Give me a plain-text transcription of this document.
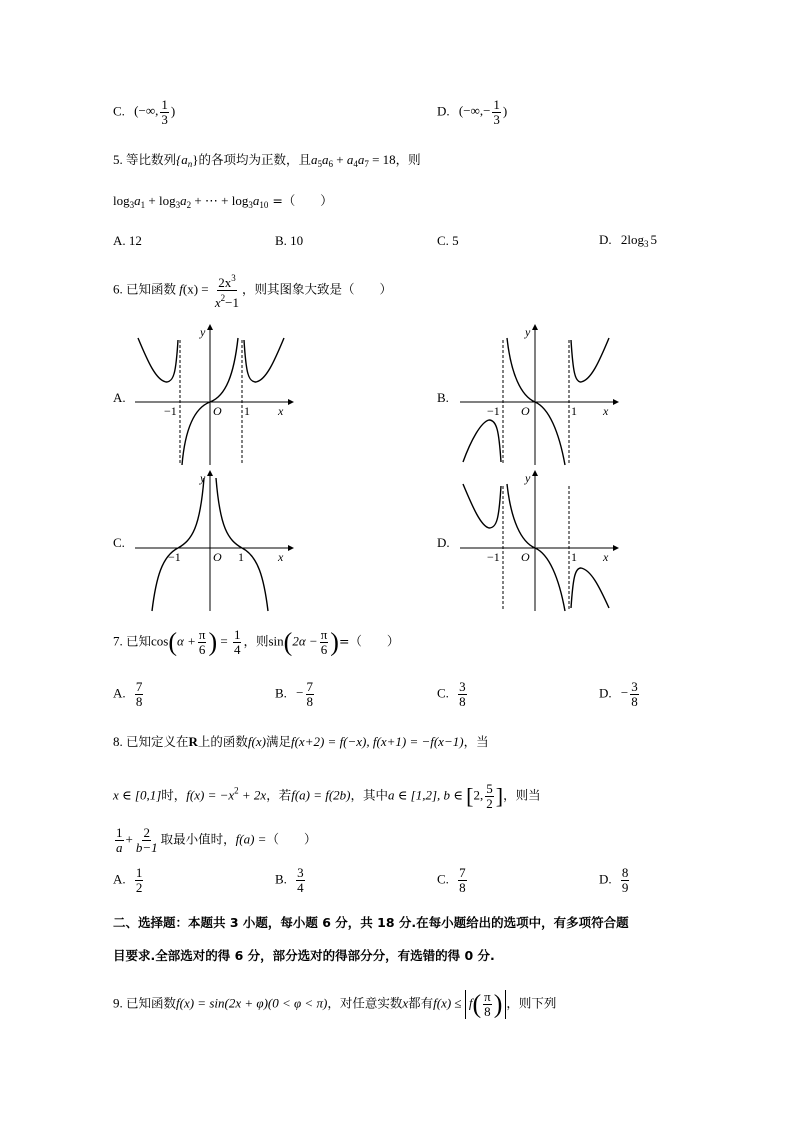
C. (−∞, $\frac{1}{3}$ )	D. (−∞,− $\frac{1}{3}$ )
5. 等比数列$\{a_n\}$的各项均为正数，且$a_5a_6 + a_4a_7 = 18$，则
$\log_3a_1 + \log_3a_2$ + ⋯ + $\log_3a_{10}$ =（　　）
A. 12	B. 10	C. 5	D. $2\log_3$ 5
6. 已知函数 $f(x) = \frac{2x^3}{x^2-1}$ ，则其图象大致是（　　）
A.	B.
C.	D.
y
x
O
−1	1
y
x
O
−1	1
y
x
O
−1	1
y
x
O
−1	1
7. 已知$\cos(\alpha + \frac{\pi}{6}$ ) = $\frac{1}{4}$ ，则$\sin(2\alpha - \frac{\pi}{6}$ )=（　　）
A. $\frac{7}{8}$	B. − $\frac{7}{8}$	C. $\frac{3}{8}$	D. − $\frac{3}{8}$
8. 已知定义在R上的函数f(x)满足f(x+2) = f(−x), f(x+1) = −f(x−1)，当
x ∈ [0,1]时，$f(x) = -x^2 + 2x$，若f(a) = f(2b)，其中a ∈ [1,2], b ∈ [2, $\frac{5}{2}$ ]，则当
$\frac{1}{a} + \frac{2}{b-1}$ 取最小值时，f(a) =（　　）
A. $\frac{1}{2}$	B. $\frac{3}{4}$	C. $\frac{7}{8}$	D. $\frac{8}{9}$
二、选择题：本题共 3 小题，每小题 6 分，共 18 分.在每小题给出的选项中，有多项符合题
目要求.全部选对的得 6 分，部分选对的得部分分，有选错的得 0 分.
9. 已知函数f(x) = sin(2x + φ)(0 < φ < π)，对任意实数x都有$f(x) \le f( \frac{\pi}{8}$ ) ，则下列
